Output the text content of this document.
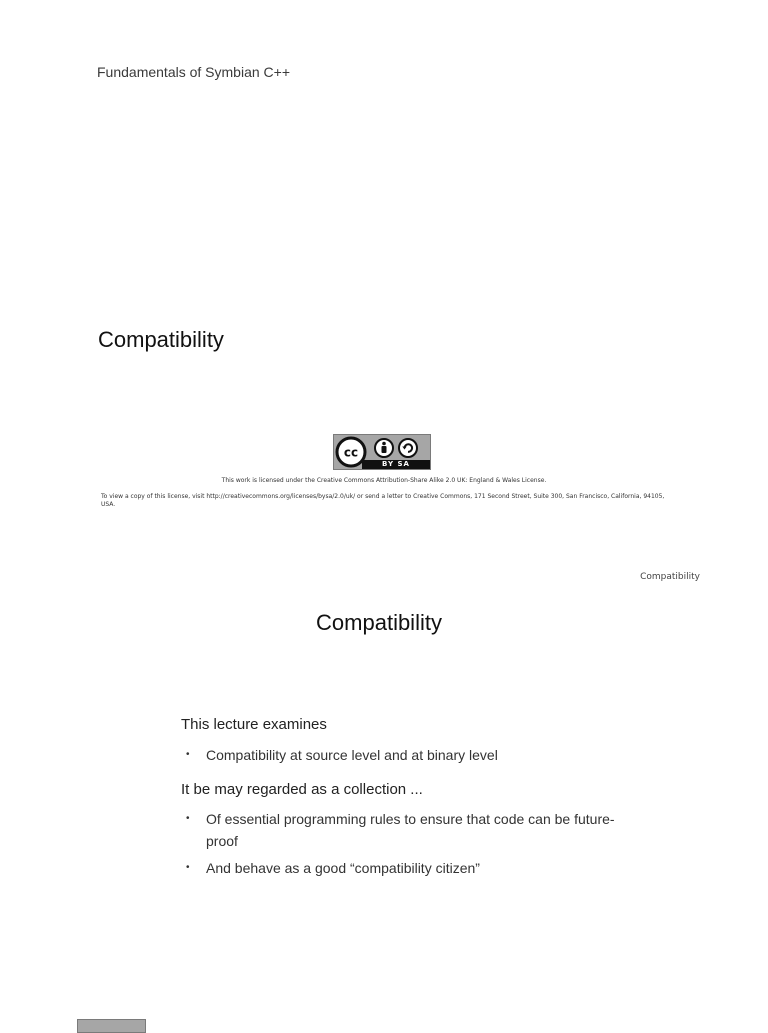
Fundamentals of Symbian C++
Compatibility
cc
BY SA
This work is licensed under the Creative Commons Attribution-Share Alike 2.0 UK: England & Wales License.
To view a copy of this license, visit http://creativecommons.org/licenses/bysa/2.0/uk/ or send a letter to Creative Commons, 171 Second Street, Suite 300, San Francisco, California, 94105, USA.
Compatibility
Compatibility
This lecture examines
• Compatibility at source level and at binary level
It be may regarded as a collection ...
• Of essential programming rules to ensure that code can be future-proof
• And behave as a good “compatibility citizen”
